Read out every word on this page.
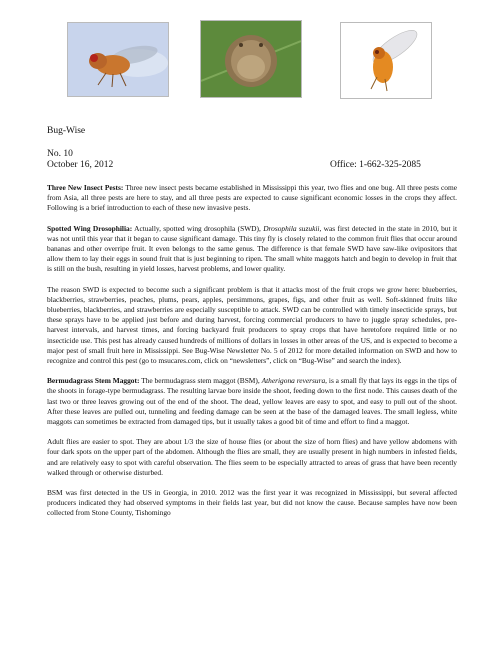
Bug-Wise
No. 10
October 16, 2012	Office: 1-662-325-2085

Three New Insect Pests: Three new insect pests became established in Mississippi this year, two flies and one bug. All three pests come from Asia, all three pests are here to stay, and all three pests are expected to cause significant economic losses in the crops they affect. Following is a brief introduction to each of these new invasive pests.

Spotted Wing Drosophilia: Actually, spotted wing drosophila (SWD), Drosophila suzukii, was first detected in the state in 2010, but it was not until this year that it began to cause significant damage. This tiny fly is closely related to the common fruit flies that occur around bananas and other overripe fruit. It even belongs to the same genus. The difference is that female SWD have saw-like ovipositors that allow them to lay their eggs in sound fruit that is just beginning to ripen. The small white maggots hatch and begin to develop in fruit that is still on the bush, resulting in yield losses, harvest problems, and lower quality.

The reason SWD is expected to become such a significant problem is that it attacks most of the fruit crops we grow here: blueberries, blackberries, strawberries, peaches, plums, pears, apples, persimmons, grapes, figs, and other fruit as well. Soft-skinned fruits like blueberries, blackberries, and strawberries are especially susceptible to attack. SWD can be controlled with timely insecticide sprays, but these sprays have to be applied just before and during harvest, forcing commercial producers to have to juggle spray schedules, pre-harvest intervals, and harvest times, and forcing backyard fruit producers to spray crops that have heretofore required little or no insecticide use. This pest has already caused hundreds of millions of dollars in losses in other areas of the US, and is expected to become a major pest of small fruit here in Mississippi. See Bug-Wise Newsletter No. 5 of 2012 for more detailed information on SWD and how to recognize and control this pest (go to msucares.com, click on “newsletters”, click on “Bug-Wise” and search the index).

Bermudagrass Stem Maggot: The bermudagrass stem maggot (BSM), Atherigona reversura, is a small fly that lays its eggs in the tips of the shoots in forage-type bermudagrass. The resulting larvae bore inside the shoot, feeding down to the first node. This causes death of the last two or three leaves growing out of the end of the shoot. The dead, yellow leaves are easy to spot, and easy to pull out of the shoot. After these leaves are pulled out, tunneling and feeding damage can be seen at the base of the damaged leaves. The small legless, white maggots can sometimes be extracted from damaged tips, but it usually takes a good bit of time and effort to find a maggot.

Adult flies are easier to spot. They are about 1/3 the size of house flies (or about the size of horn flies) and have yellow abdomens with four dark spots on the upper part of the abdomen. Although the flies are small, they are usually present in high numbers in infested fields, and are relatively easy to spot with careful observation. The flies seem to be especially attracted to areas of grass that have been recently walked through or otherwise disturbed.

BSM was first detected in the US in Georgia, in 2010. 2012 was the first year it was recognized in Mississippi, but several affected producers indicated they had observed symptoms in their fields last year, but did not know the cause. Because samples have now been collected from Stone County, Tishomingo
